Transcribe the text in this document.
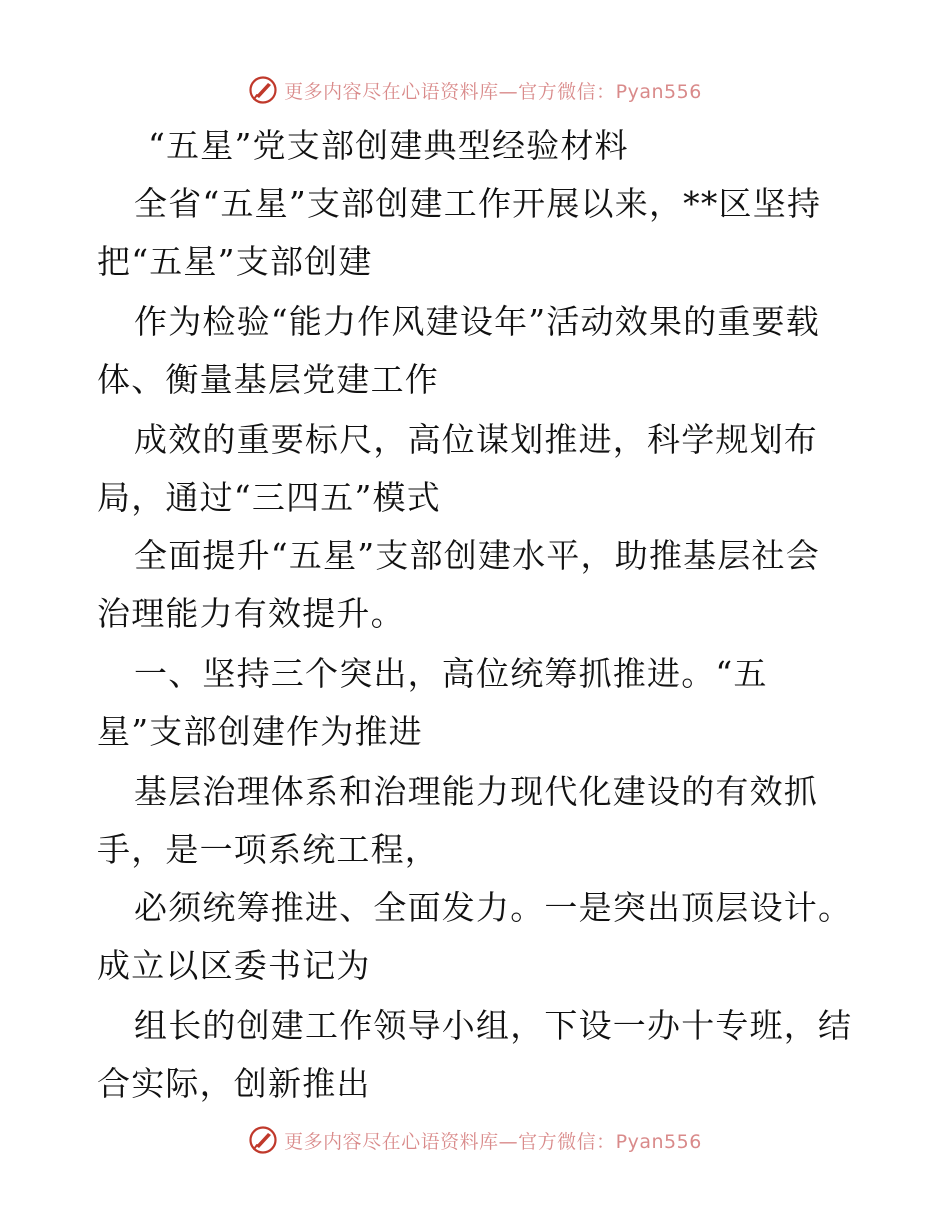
更多内容尽在心语资料库—官方微信：Pyan556
“五星”党支部创建典型经验材料
全省“五星”支部创建工作开展以来，**区坚持
把“五星”支部创建
作为检验“能力作风建设年”活动效果的重要载
体、衡量基层党建工作
成效的重要标尺，高位谋划推进，科学规划布
局，通过“三四五”模式
全面提升“五星”支部创建水平，助推基层社会
治理能力有效提升。
一、坚持三个突出，高位统筹抓推进。“五
星”支部创建作为推进
基层治理体系和治理能力现代化建设的有效抓
手，是一项系统工程，
必须统筹推进、全面发力。一是突出顶层设计。
成立以区委书记为
组长的创建工作领导小组，下设一办十专班，结
合实际，创新推出
更多内容尽在心语资料库—官方微信：Pyan556
